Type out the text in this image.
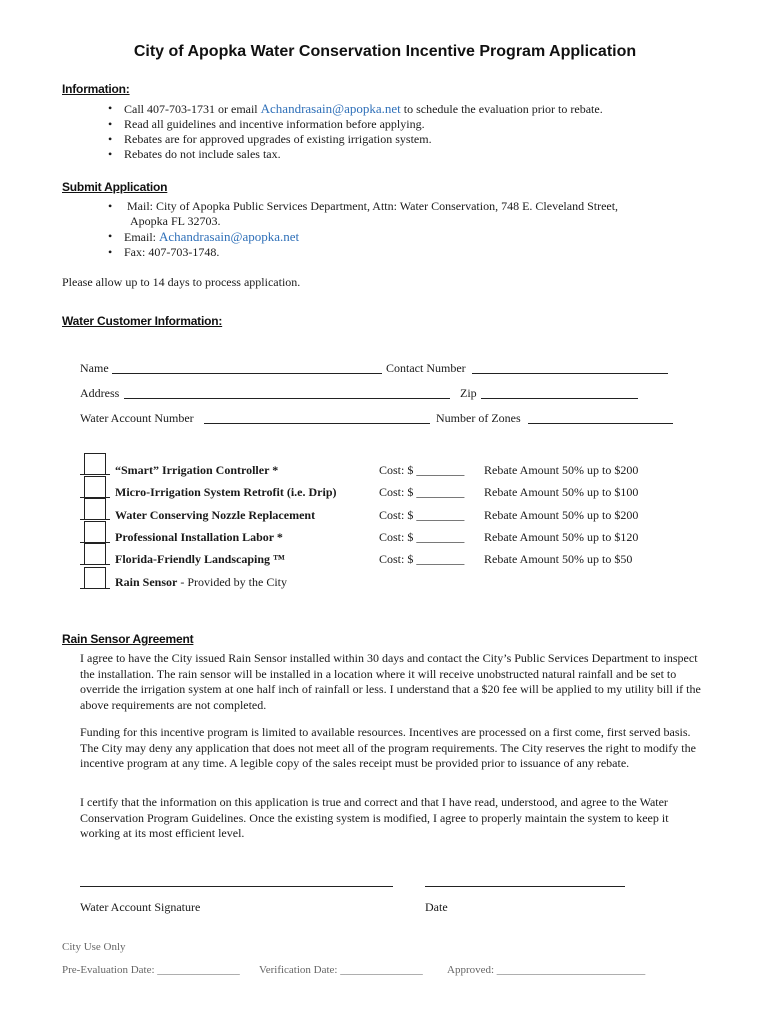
City of Apopka Water Conservation Incentive Program Application
Information:
• Call 407-703-1731 or email Achandrasain@apopka.net to schedule the evaluation prior to rebate.
• Read all guidelines and incentive information before applying.
• Rebates are for approved upgrades of existing irrigation system.
• Rebates do not include sales tax.
Submit Application
• Mail: City of Apopka Public Services Department, Attn: Water Conservation, 748 E. Cleveland Street,
Apopka FL 32703.
• Email: Achandrasain@apopka.net
• Fax: 407-703-1748.
Please allow up to 14 days to process application.
Water Customer Information:
Name	Contact Number
Address	Zip
Water Account Number	Number of Zones
“Smart” Irrigation Controller *	Cost: $ ________ Rebate Amount 50% up to $200
Micro-Irrigation System Retrofit (i.e. Drip)	Cost: $ ________ Rebate Amount 50% up to $100
Water Conserving Nozzle Replacement	Cost: $ ________ Rebate Amount 50% up to $200
Professional Installation Labor *	Cost: $ ________ Rebate Amount 50% up to $120
Florida-Friendly Landscaping ™	Cost: $ ________ Rebate Amount 50% up to $50
Rain Sensor - Provided by the City
Rain Sensor Agreement
I agree to have the City issued Rain Sensor installed within 30 days and contact the City’s Public Services Department to inspect the installation. The rain sensor will be installed in a location where it will receive unobstructed natural rainfall and be set to override the irrigation system at one half inch of rainfall or less. I understand that a $20 fee will be applied to my utility bill if the above requirements are not completed.
Funding for this incentive program is limited to available resources. Incentives are processed on a first come, first served basis. The City may deny any application that does not meet all of the program requirements. The City reserves the right to modify the incentive program at any time. A legible copy of the sales receipt must be provided prior to issuance of any rebate.
I certify that the information on this application is true and correct and that I have read, understood, and agree to the Water Conservation Program Guidelines. Once the existing system is modified, I agree to properly maintain the system to keep it working at its most efficient level.
Water Account Signature	Date
City Use Only
Pre-Evaluation Date: _______________ Verification Date: _______________ Approved: ___________________________
